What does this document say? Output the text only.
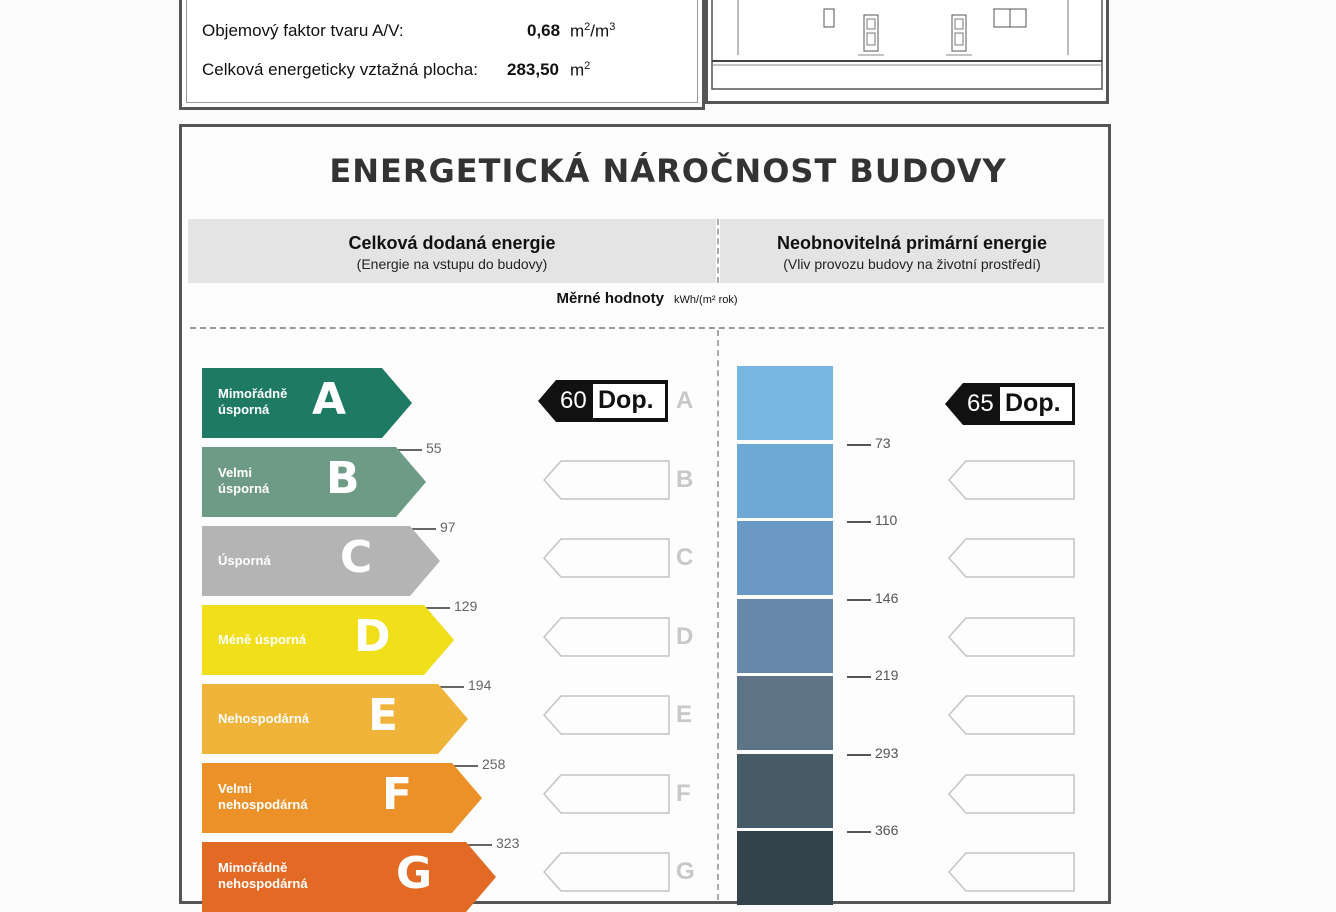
Objemový faktor tvaru A/V:	0,68 $m^2/m^3$
Celková energeticky vztažná plocha: 283,50 $m^2$
ENERGETICKÁ NÁROČNOST BUDOVY
Celková dodaná energie
(Energie na vstupu do budovy)
Neobnovitelná primární energie
(Vliv provozu budovy na životní prostředí)
Měrné hodnoty kWh/(m² rok)
Mimořádně
úsporná A
55
Velmi
úsporná B
97
Úsporná C
129
Méně úsporná D
194
Nehospodárná E
258
Velmi
nehospodárná F
323
Mimořádně
nehospodárná G
73
110
146
219
293
366
A
B
C
D
E
F
G
60 Dop.	65 Dop.
